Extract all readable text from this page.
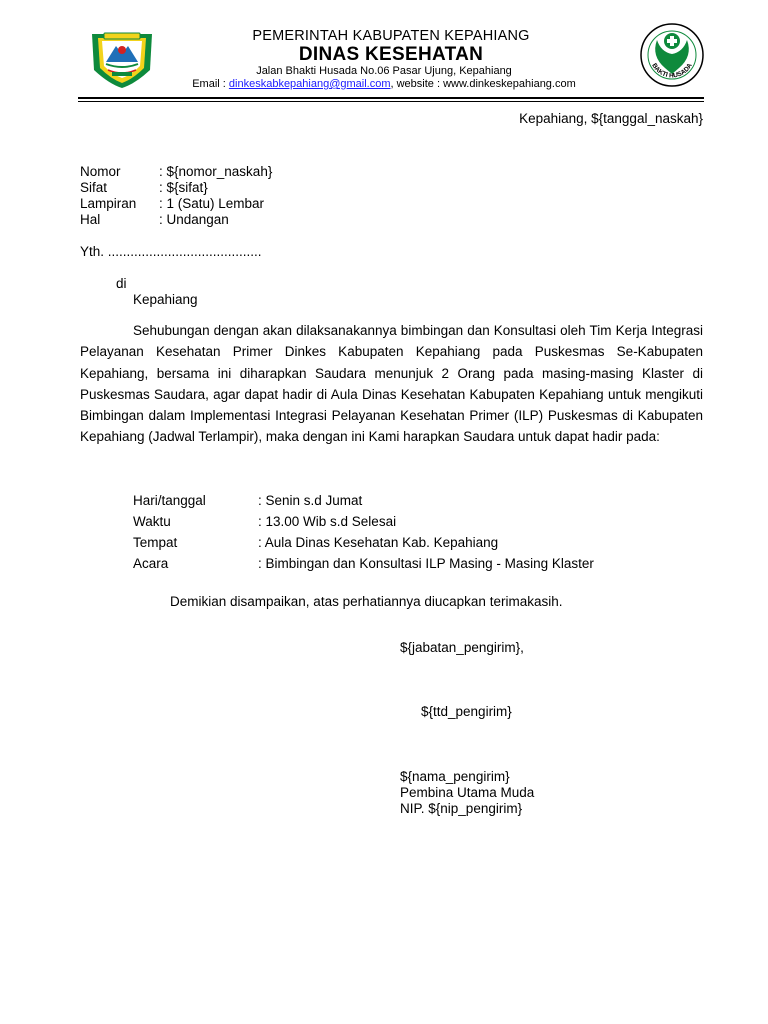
PEMERINTAH KABUPATEN KEPAHIANG
DINAS KESEHATAN
Jalan Bhakti Husada No.06 Pasar Ujung, Kepahiang
Email : dinkeskabkepahiang@gmail.com, website : www.dinkeskepahiang.com
BAKTI HUSADA
Kepahiang, ${tanggal_naskah}
Nomor	: ${nomor_naskah}
Sifat	: ${sifat}
Lampiran : 1 (Satu) Lembar
Hal	: Undangan
Yth. .........................................
di
Kepahiang
Sehubungan dengan akan dilaksanakannya bimbingan dan Konsultasi oleh Tim Kerja Integrasi Pelayanan Kesehatan Primer Dinkes Kabupaten Kepahiang pada Puskesmas Se-Kabupaten Kepahiang, bersama ini diharapkan Saudara menunjuk 2 Orang pada masing-masing Klaster di Puskesmas Saudara, agar dapat hadir di Aula Dinas Kesehatan Kabupaten Kepahiang untuk mengikuti Bimbingan dalam Implementasi Integrasi Pelayanan Kesehatan Primer (ILP) Puskesmas di Kabupaten Kepahiang (Jadwal Terlampir), maka dengan ini Kami harapkan Saudara untuk dapat hadir pada:
Hari/tanggal	: Senin s.d Jumat
Waktu	: 13.00 Wib s.d Selesai
Tempat	: Aula Dinas Kesehatan Kab. Kepahiang
Acara	: Bimbingan dan Konsultasi ILP Masing - Masing Klaster
Demikian disampaikan, atas perhatiannya diucapkan terimakasih.
${jabatan_pengirim},
${ttd_pengirim}
${nama_pengirim}
Pembina Utama Muda
NIP. ${nip_pengirim}
